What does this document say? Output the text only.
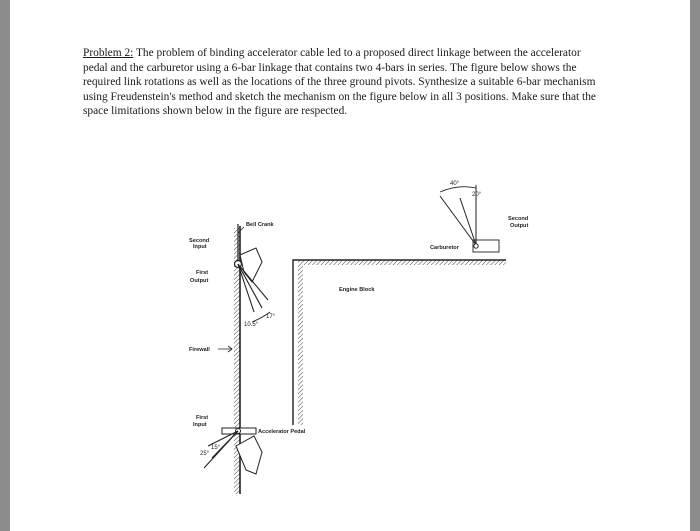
Problem 2: The problem of binding accelerator cable led to a proposed direct linkage between the accelerator pedal and the carburetor using a 6-bar linkage that contains two 4-bars in series. The figure below shows the required link rotations as well as the locations of the three ground pivots. Synthesize a suitable 6-bar mechanism using Freudenstein's method and sketch the mechanism on the figure below in all 3 positions. Make sure that the space limitations shown below in the figure are respected.
10.5°
17°
Bell Crank
Second
Input
First
Output
Firewall
Engine Block
First
Input
Accelerator Pedal
25°
15°
40°
20°
Carburetor
Second
Output
